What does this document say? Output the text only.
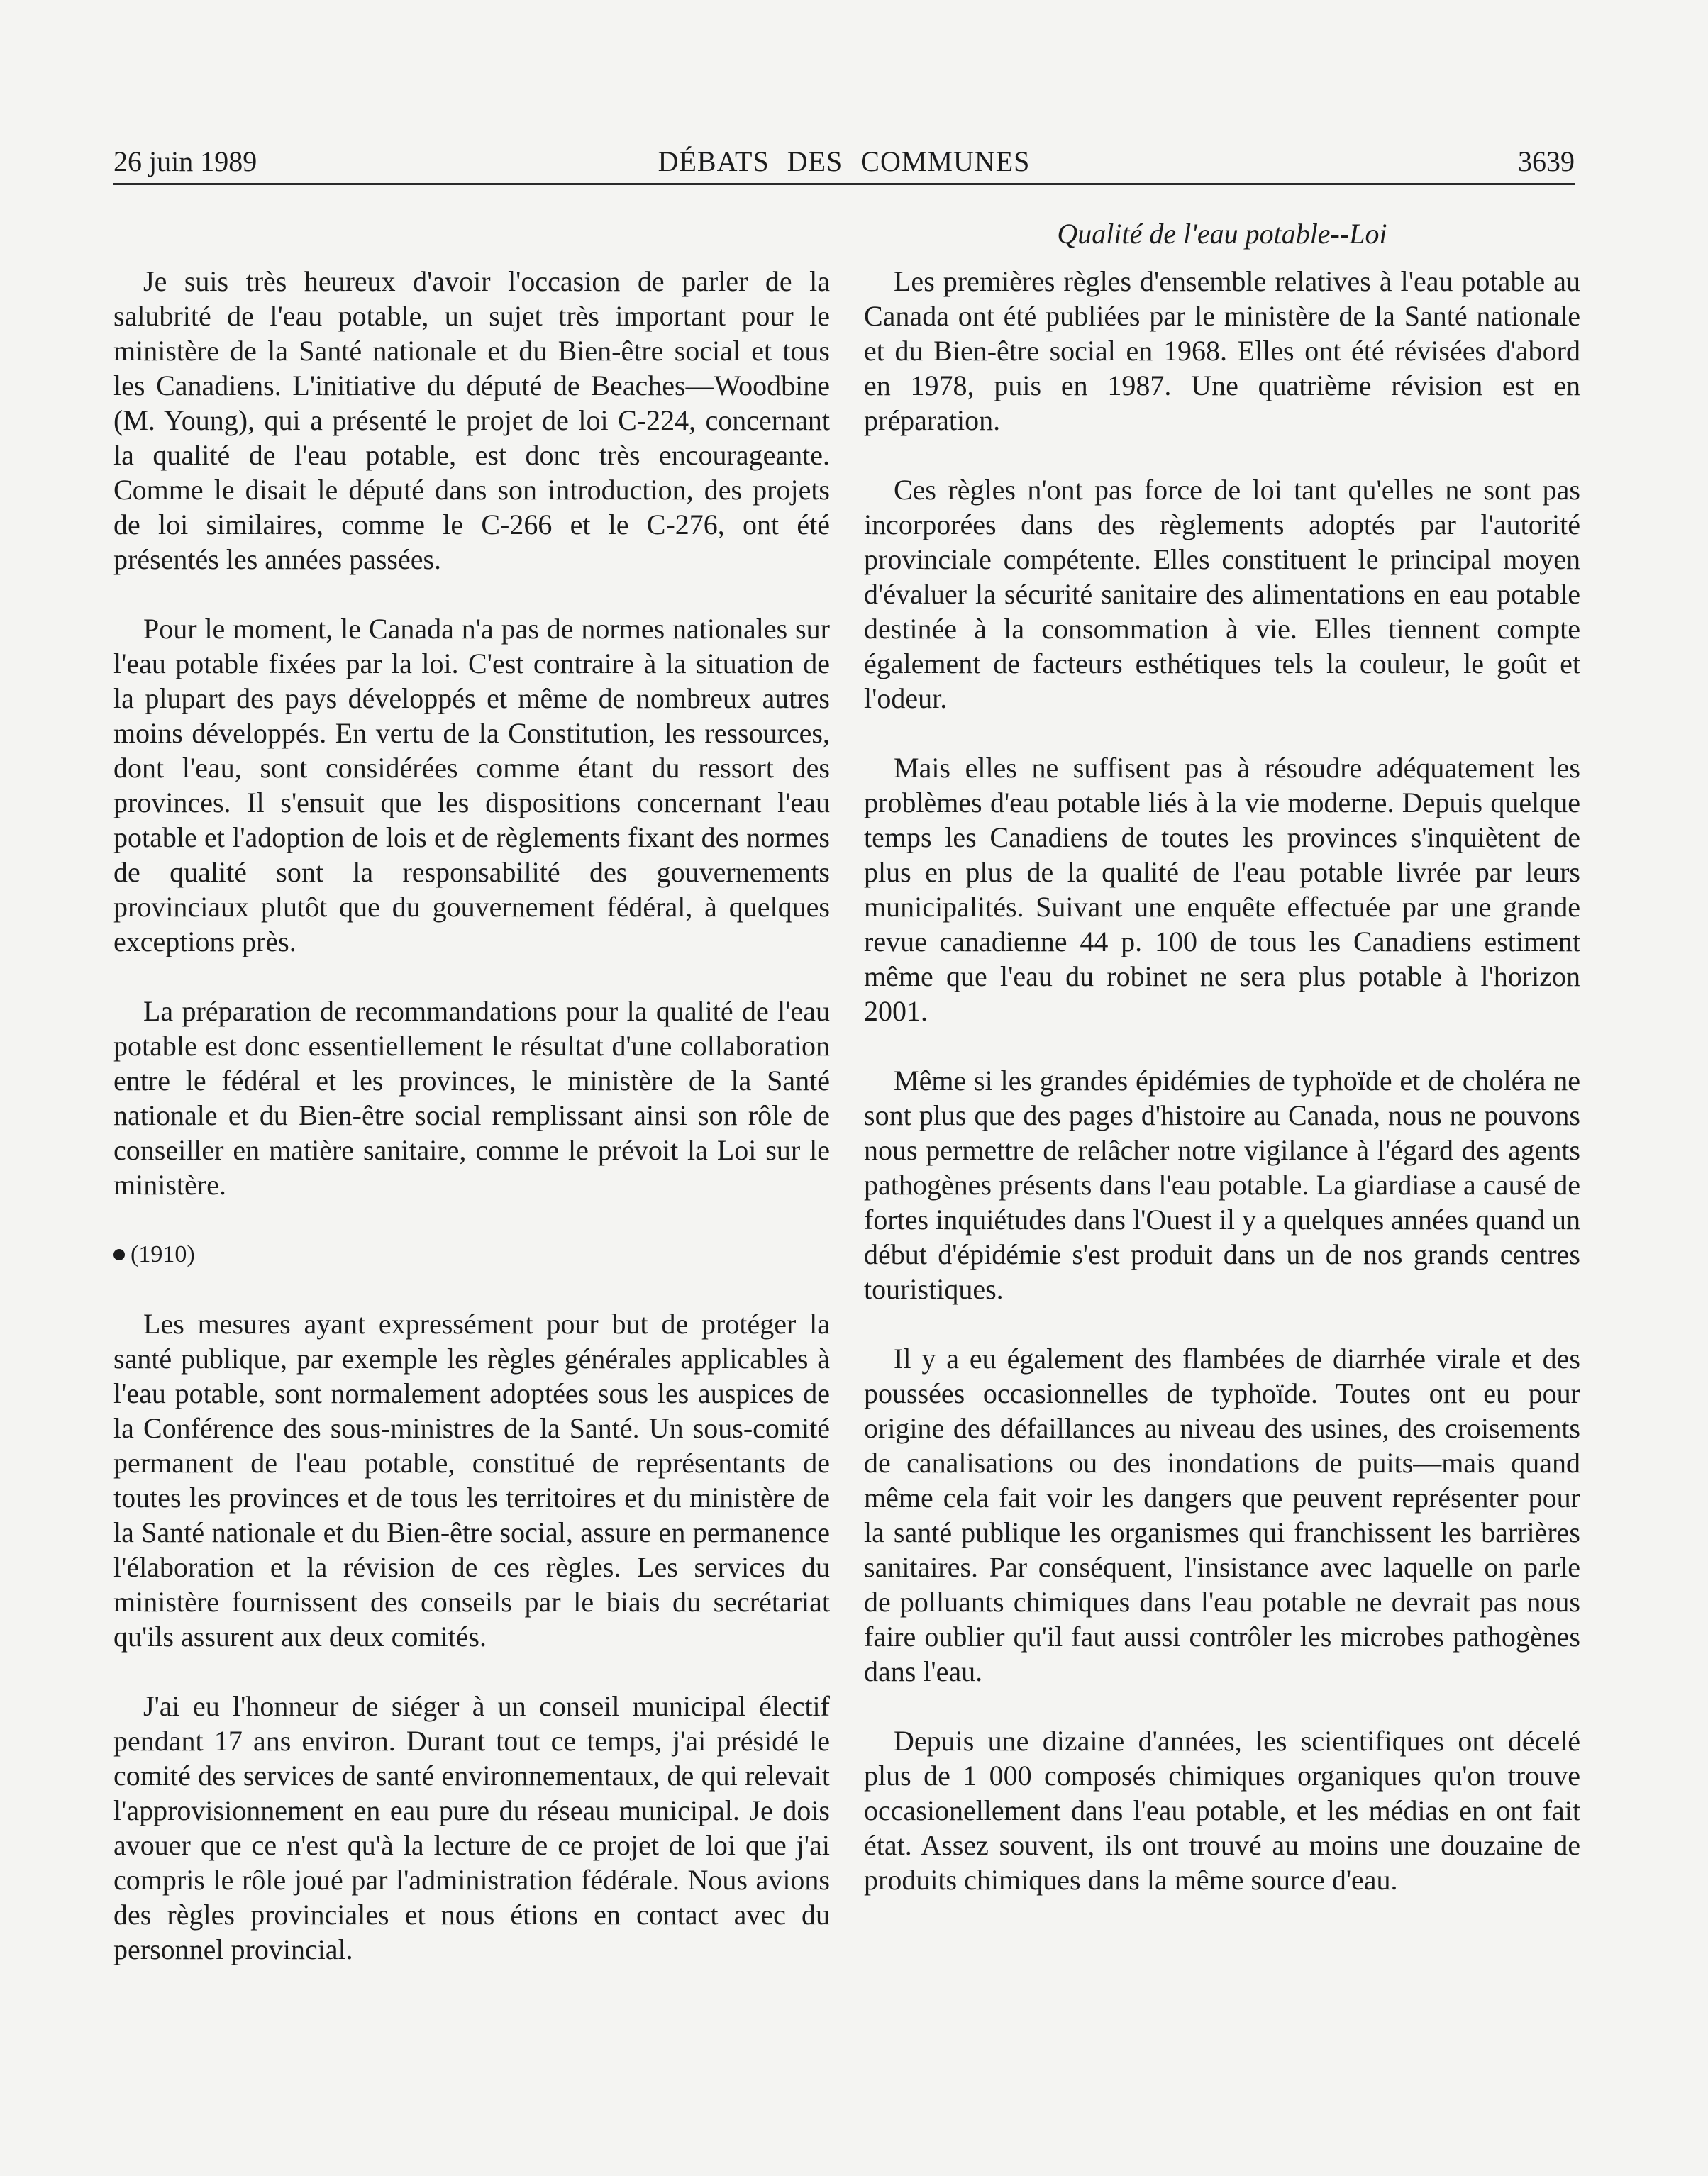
26 juin 1989	DÉBATS DES COMMUNES	3639
Qualité de l'eau potable--Loi

Je suis très heureux d'avoir l'occasion de parler de la salubrité de l'eau potable, un sujet très important pour le ministère de la Santé nationale et du Bien-être social et tous les Canadiens. L'initiative du député de Beaches—Woodbine (M. Young), qui a présenté le projet de loi C-224, concernant la qualité de l'eau potable, est donc très encourageante. Comme le disait le député dans son introduction, des projets de loi similaires, comme le C-266 et le C-276, ont été présentés les années passées.

Pour le moment, le Canada n'a pas de normes nationales sur l'eau potable fixées par la loi. C'est contraire à la situation de la plupart des pays développés et même de nombreux autres moins développés. En vertu de la Constitution, les ressources, dont l'eau, sont considérées comme étant du ressort des provinces. Il s'ensuit que les dispositions concernant l'eau potable et l'adoption de lois et de règlements fixant des normes de qualité sont la responsabilité des gouvernements provinciaux plutôt que du gouvernement fédéral, à quelques exceptions près.

La préparation de recommandations pour la qualité de l'eau potable est donc essentiellement le résultat d'une collaboration entre le fédéral et les provinces, le ministère de la Santé nationale et du Bien-être social remplissant ainsi son rôle de conseiller en matière sanitaire, comme le prévoit la Loi sur le ministère.

(1910)

Les mesures ayant expressément pour but de protéger la santé publique, par exemple les règles générales applicables à l'eau potable, sont normalement adoptées sous les auspices de la Conférence des sous-ministres de la Santé. Un sous-comité permanent de l'eau potable, constitué de représentants de toutes les provinces et de tous les territoires et du ministère de la Santé nationale et du Bien-être social, assure en permanence l'élaboration et la révision de ces règles. Les services du ministère fournissent des conseils par le biais du secrétariat qu'ils assurent aux deux comités.

J'ai eu l'honneur de siéger à un conseil municipal électif pendant 17 ans environ. Durant tout ce temps, j'ai présidé le comité des services de santé environnementaux, de qui relevait l'approvisionnement en eau pure du réseau municipal. Je dois avouer que ce n'est qu'à la lecture de ce projet de loi que j'ai compris le rôle joué par l'administration fédérale. Nous avions des règles provinciales et nous étions en contact avec du personnel provincial.

Les premières règles d'ensemble relatives à l'eau potable au Canada ont été publiées par le ministère de la Santé nationale et du Bien-être social en 1968. Elles ont été révisées d'abord en 1978, puis en 1987. Une quatrième révision est en préparation.

Ces règles n'ont pas force de loi tant qu'elles ne sont pas incorporées dans des règlements adoptés par l'autorité provinciale compétente. Elles constituent le principal moyen d'évaluer la sécurité sanitaire des alimentations en eau potable destinée à la consommation à vie. Elles tiennent compte également de facteurs esthétiques tels la couleur, le goût et l'odeur.

Mais elles ne suffisent pas à résoudre adéquatement les problèmes d'eau potable liés à la vie moderne. Depuis quelque temps les Canadiens de toutes les provinces s'inquiètent de plus en plus de la qualité de l'eau potable livrée par leurs municipalités. Suivant une enquête effectuée par une grande revue canadienne 44 p. 100 de tous les Canadiens estiment même que l'eau du robinet ne sera plus potable à l'horizon 2001.

Même si les grandes épidémies de typhoïde et de choléra ne sont plus que des pages d'histoire au Canada, nous ne pouvons nous permettre de relâcher notre vigilance à l'égard des agents pathogènes présents dans l'eau potable. La giardiase a causé de fortes inquiétudes dans l'Ouest il y a quelques années quand un début d'épidémie s'est produit dans un de nos grands centres touristiques.

Il y a eu également des flambées de diarrhée virale et des poussées occasionnelles de typhoïde. Toutes ont eu pour origine des défaillances au niveau des usines, des croisements de canalisations ou des inondations de puits—mais quand même cela fait voir les dangers que peuvent représenter pour la santé publique les organismes qui franchissent les barrières sanitaires. Par conséquent, l'insistance avec laquelle on parle de polluants chimiques dans l'eau potable ne devrait pas nous faire oublier qu'il faut aussi contrôler les microbes pathogènes dans l'eau.

Depuis une dizaine d'années, les scientifiques ont décelé plus de 1 000 composés chimiques organiques qu'on trouve occasionellement dans l'eau potable, et les médias en ont fait état. Assez souvent, ils ont trouvé au moins une douzaine de produits chimiques dans la même source d'eau.
